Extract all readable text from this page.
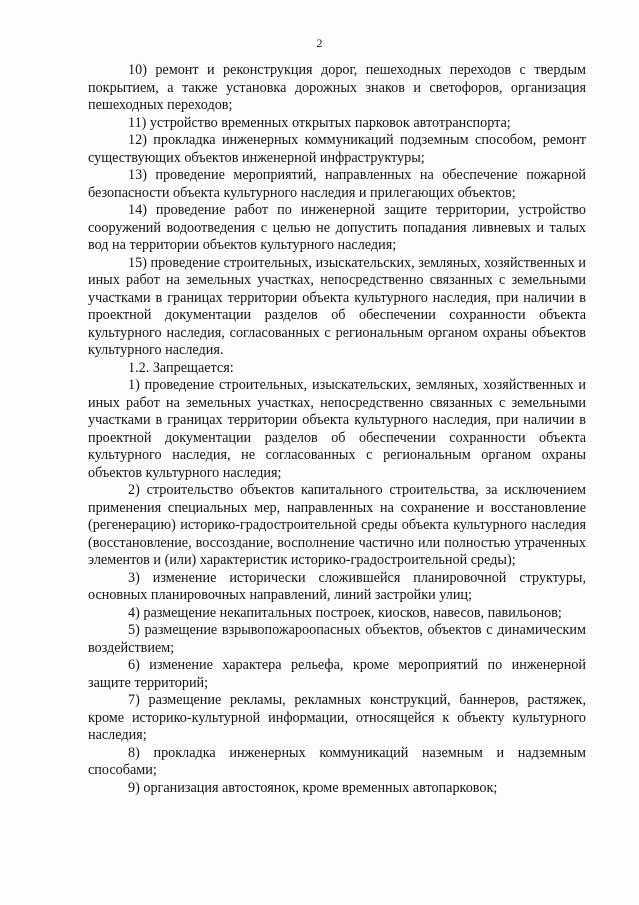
2

10) ремонт и реконструкция дорог, пешеходных переходов с твердым покрытием, а также установка дорожных знаков и светофоров, организация пешеходных переходов;

11) устройство временных открытых парковок автотранспорта;

12) прокладка инженерных коммуникаций подземным способом, ремонт существующих объектов инженерной инфраструктуры;

13) проведение мероприятий, направленных на обеспечение пожарной безопасности объекта культурного наследия и прилегающих объектов;

14) проведение работ по инженерной защите территории, устройство сооружений водоотведения с целью не допустить попадания ливневых и талых вод на территории объектов культурного наследия;

15) проведение строительных, изыскательских, земляных, хозяйственных и иных работ на земельных участках, непосредственно связанных с земельными участками в границах территории объекта культурного наследия, при наличии в проектной документации разделов об обеспечении сохранности объекта культурного наследия, согласованных с региональным органом охраны объектов культурного наследия.

1.2. Запрещается:

1) проведение строительных, изыскательских, земляных, хозяйственных и иных работ на земельных участках, непосредственно связанных с земельными участками в границах территории объекта культурного наследия, при наличии в проектной документации разделов об обеспечении сохранности объекта культурного наследия, не согласованных с региональным органом охраны объектов культурного наследия;

2) строительство объектов капитального строительства, за исключением применения специальных мер, направленных на сохранение и восстановление (регенерацию) историко-градостроительной среды объекта культурного наследия (восстановление, воссоздание, восполнение частично или полностью утраченных элементов и (или) характеристик историко-градостроительной среды);

3) изменение исторически сложившейся планировочной структуры, основных планировочных направлений, линий застройки улиц;

4) размещение некапитальных построек, киосков, навесов, павильонов;

5) размещение взрывопожароопасных объектов, объектов с динамическим воздействием;

6) изменение характера рельефа, кроме мероприятий по инженерной защите территорий;

7) размещение рекламы, рекламных конструкций, баннеров, растяжек, кроме историко-культурной информации, относящейся к объекту культурного наследия;

8) прокладка инженерных коммуникаций наземным и надземным способами;

9) организация автостоянок, кроме временных автопарковок;
